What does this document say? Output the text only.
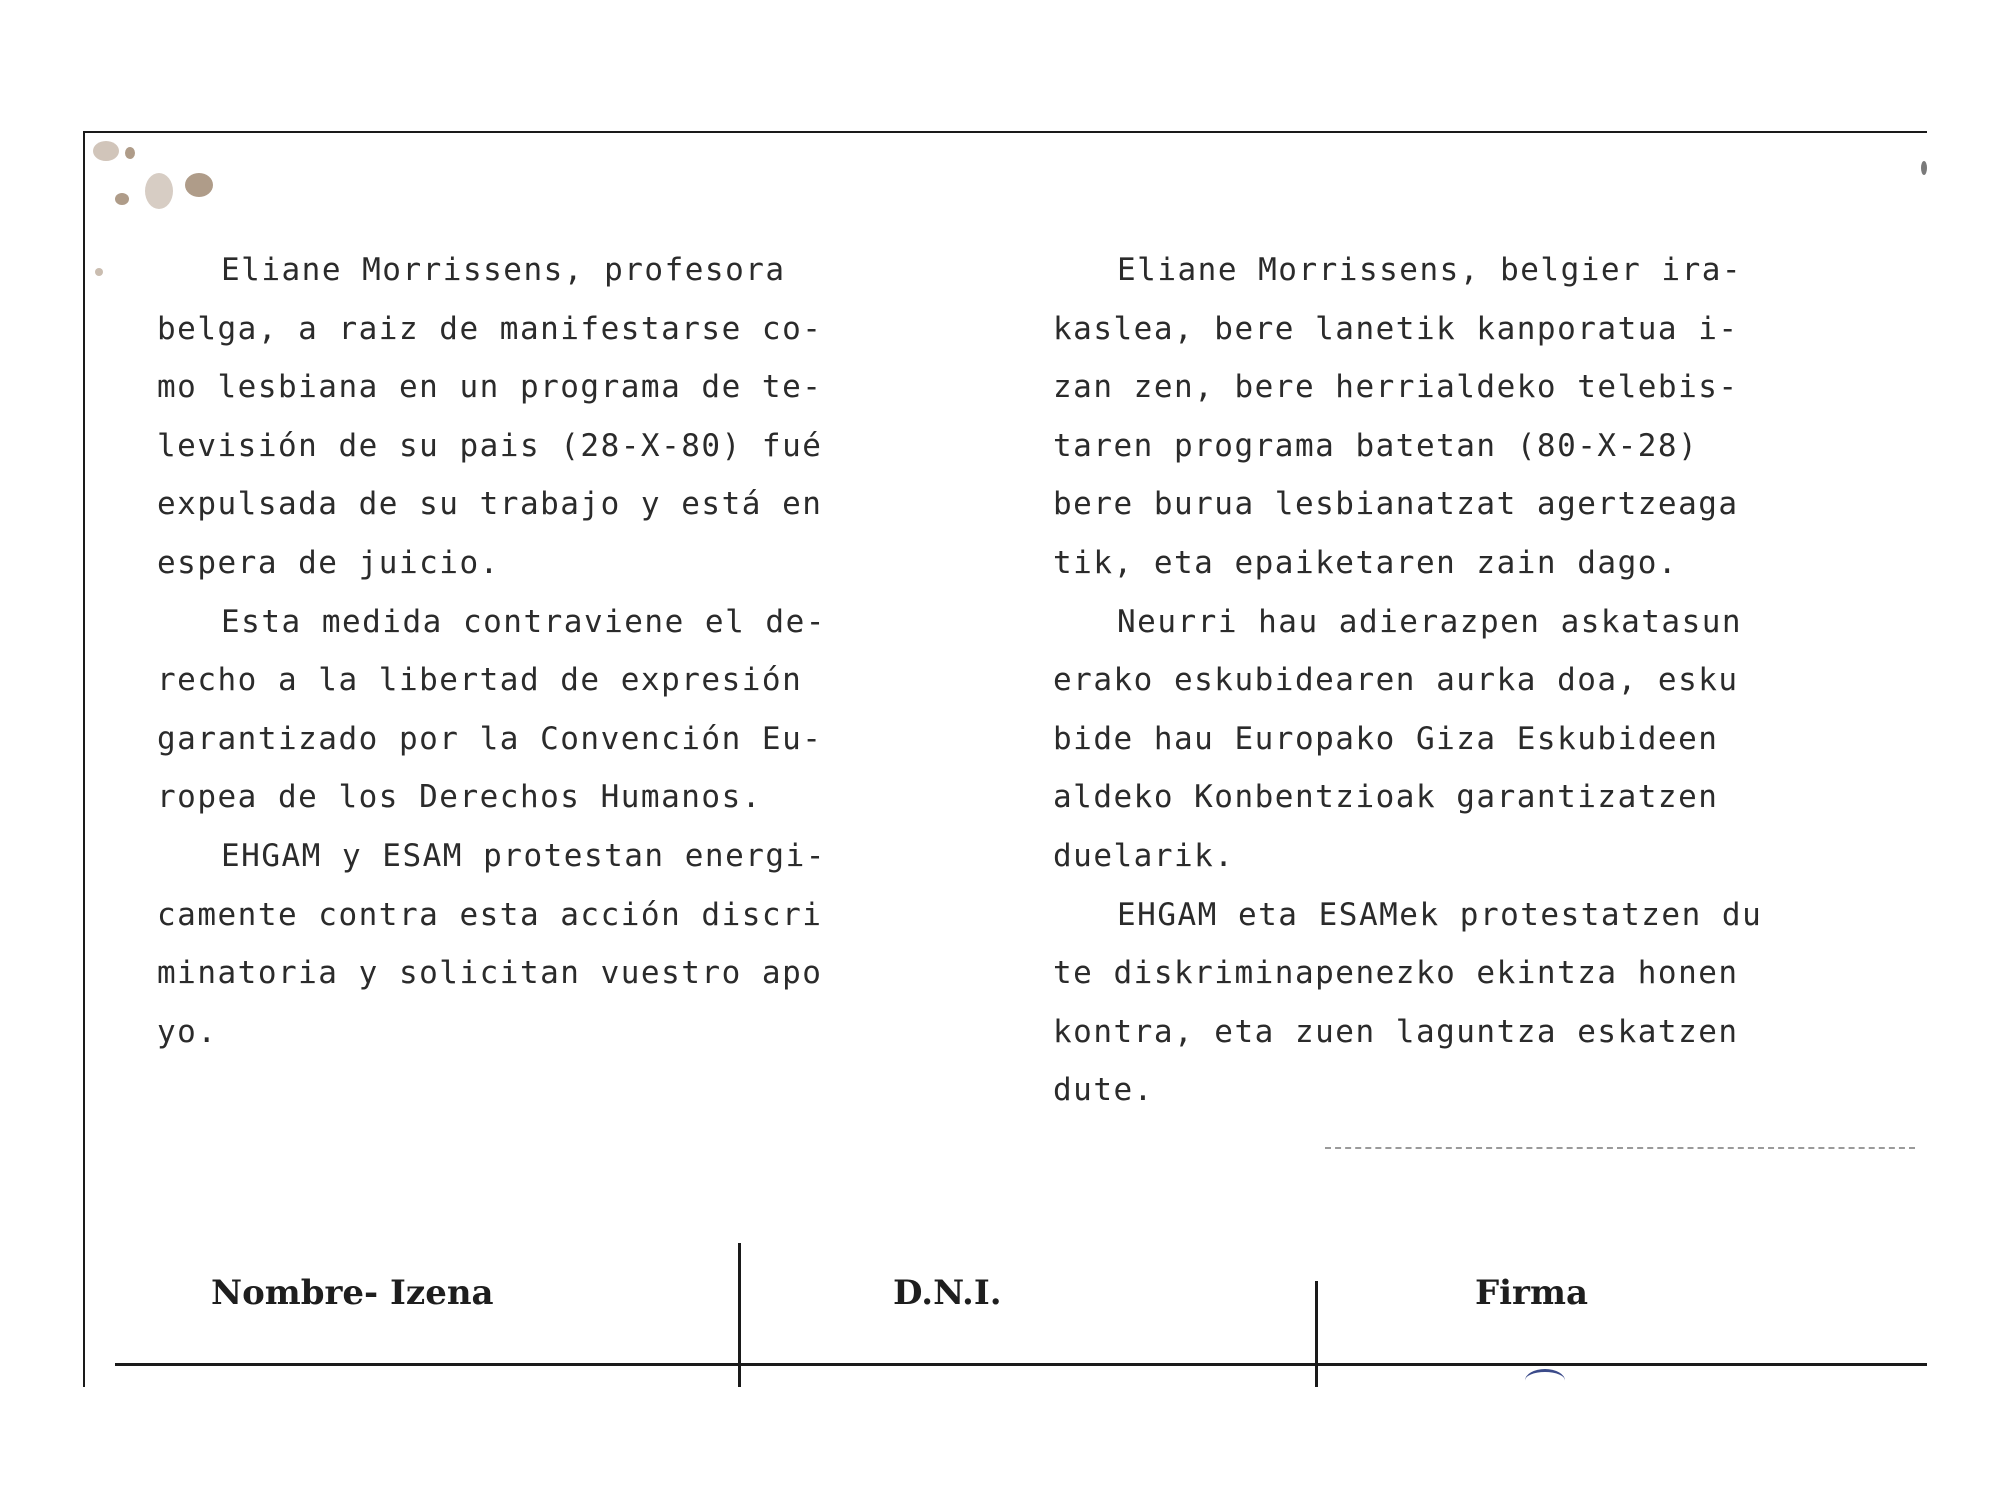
Eliane Morrissens, profesora
belga, a raiz de manifestarse co-
mo lesbiana en un programa de te-
levisión de su pais (28-X-80) fué
expulsada de su trabajo y está en
espera de juicio.
Esta medida contraviene el de-
recho a la libertad de expresión
garantizado por la Convención Eu-
ropea de los Derechos Humanos.
EHGAM y ESAM protestan energi-
camente contra esta acción discri
minatoria y solicitan vuestro apo
yo.
Eliane Morrissens, belgier ira-
kaslea, bere lanetik kanporatua i-
zan zen, bere herrialdeko telebis-
taren programa batetan (80-X-28)
bere burua lesbianatzat agertzeaga
tik, eta epaiketaren zain dago.
Neurri hau adierazpen askatasun
erako eskubidearen aurka doa, esku
bide hau Europako Giza Eskubideen
aldeko Konbentzioak garantizatzen
duelarik.
EHGAM eta ESAMek protestatzen du
te diskriminapenezko ekintza honen
kontra, eta zuen laguntza eskatzen
dute.
Nombre- Izena	D.N.I.	Firma
